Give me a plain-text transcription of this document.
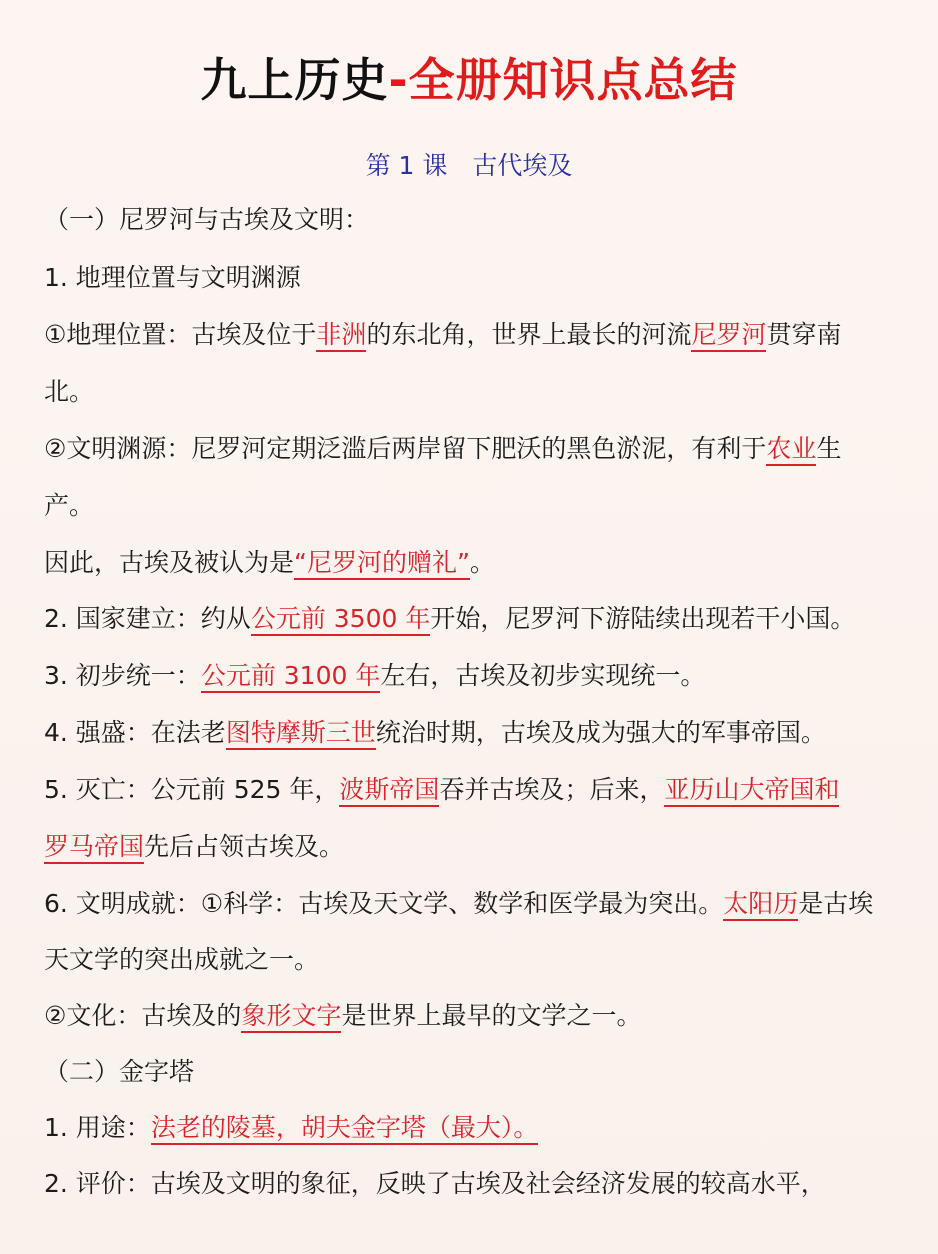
九上历史-全册知识点总结
第 1 课　古代埃及
（一）尼罗河与古埃及文明：
1. 地理位置与文明渊源
①地理位置：古埃及位于非洲的东北角，世界上最长的河流尼罗河贯穿南
北。
②文明渊源：尼罗河定期泛滥后两岸留下肥沃的黑色淤泥，有利于农业生
产。
因此，古埃及被认为是“尼罗河的赠礼”。
2. 国家建立：约从公元前 3500 年开始，尼罗河下游陆续出现若干小国。
3. 初步统一：公元前 3100 年左右，古埃及初步实现统一。
4. 强盛：在法老图特摩斯三世统治时期，古埃及成为强大的军事帝国。
5. 灭亡：公元前 525 年，波斯帝国吞并古埃及；后来，亚历山大帝国和
罗马帝国先后占领古埃及。
6. 文明成就：①科学：古埃及天文学、数学和医学最为突出。太阳历是古埃
天文学的突出成就之一。
②文化：古埃及的象形文字是世界上最早的文学之一。
（二）金字塔
1. 用途：法老的陵墓，胡夫金字塔（最大）。
2. 评价：古埃及文明的象征，反映了古埃及社会经济发展的较高水平，
